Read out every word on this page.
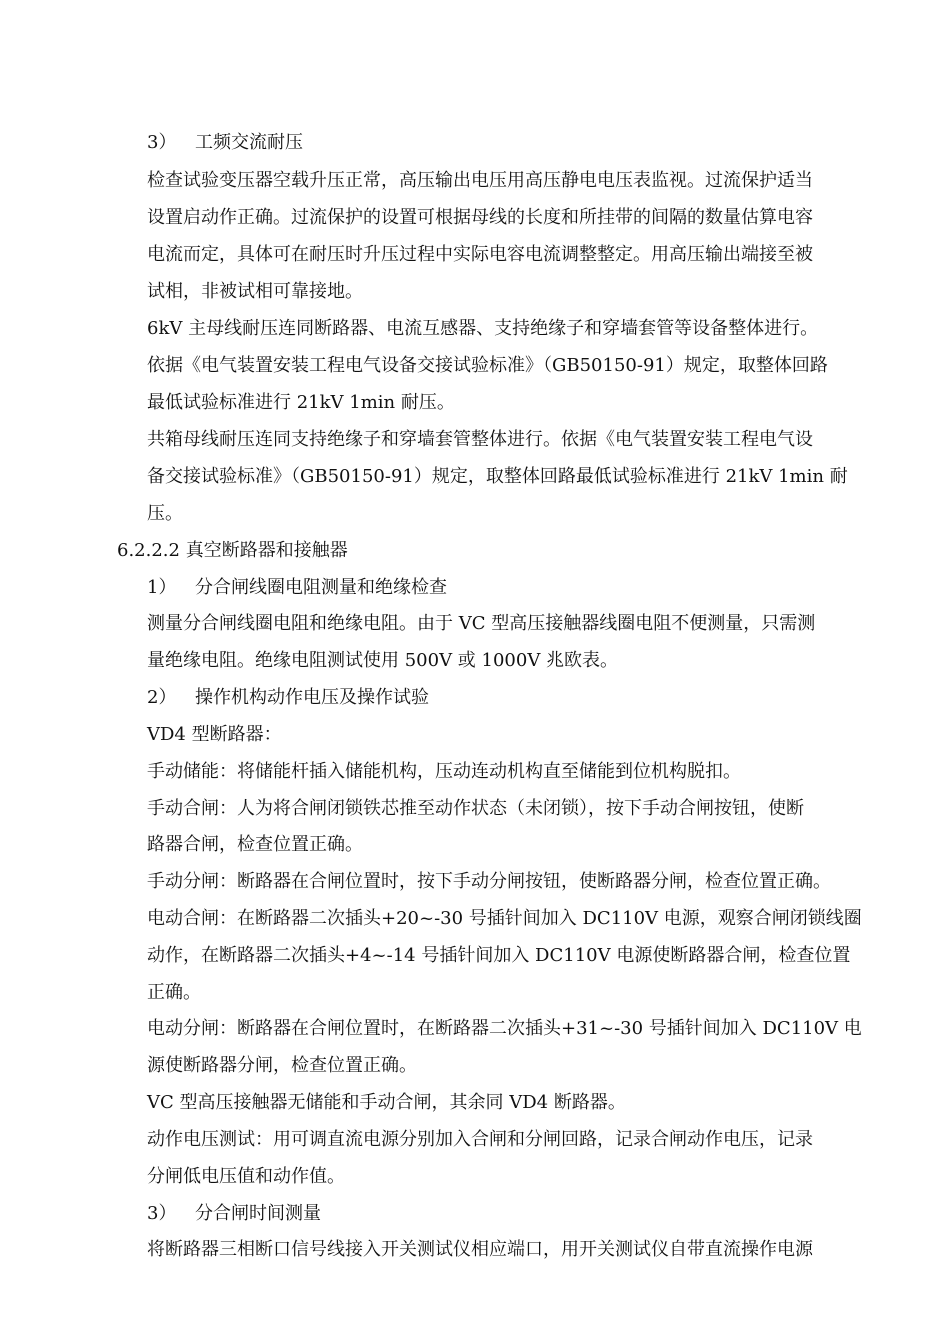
3） 工频交流耐压
检查试验变压器空载升压正常，高压输出电压用高压静电电压表监视。过流保护适当
设置启动作正确。过流保护的设置可根据母线的长度和所挂带的间隔的数量估算电容
电流而定，具体可在耐压时升压过程中实际电容电流调整整定。用高压输出端接至被
试相，非被试相可靠接地。
6kV 主母线耐压连同断路器、电流互感器、支持绝缘子和穿墙套管等设备整体进行。
依据《电气装置安装工程电气设备交接试验标准》（GB50150-91）规定，取整体回路
最低试验标准进行 21kV 1min 耐压。
共箱母线耐压连同支持绝缘子和穿墙套管整体进行。依据《电气装置安装工程电气设
备交接试验标准》（GB50150-91）规定，取整体回路最低试验标准进行 21kV 1min 耐
压。
6.2.2.2 真空断路器和接触器
1） 分合闸线圈电阻测量和绝缘检查
测量分合闸线圈电阻和绝缘电阻。由于 VC 型高压接触器线圈电阻不便测量，只需测
量绝缘电阻。绝缘电阻测试使用 500V 或 1000V 兆欧表。
2） 操作机构动作电压及操作试验
VD4 型断路器：
手动储能：将储能杆插入储能机构，压动连动机构直至储能到位机构脱扣。
手动合闸：人为将合闸闭锁铁芯推至动作状态（未闭锁），按下手动合闸按钮，使断
路器合闸，检查位置正确。
手动分闸：断路器在合闸位置时，按下手动分闸按钮，使断路器分闸，检查位置正确。
电动合闸：在断路器二次插头+20~-30 号插针间加入 DC110V 电源，观察合闸闭锁线圈
动作，在断路器二次插头+4~-14 号插针间加入 DC110V 电源使断路器合闸，检查位置
正确。
电动分闸：断路器在合闸位置时，在断路器二次插头+31~-30 号插针间加入 DC110V 电
源使断路器分闸，检查位置正确。
VC 型高压接触器无储能和手动合闸，其余同 VD4 断路器。
动作电压测试：用可调直流电源分别加入合闸和分闸回路，记录合闸动作电压，记录
分闸低电压值和动作值。
3） 分合闸时间测量
将断路器三相断口信号线接入开关测试仪相应端口，用开关测试仪自带直流操作电源
